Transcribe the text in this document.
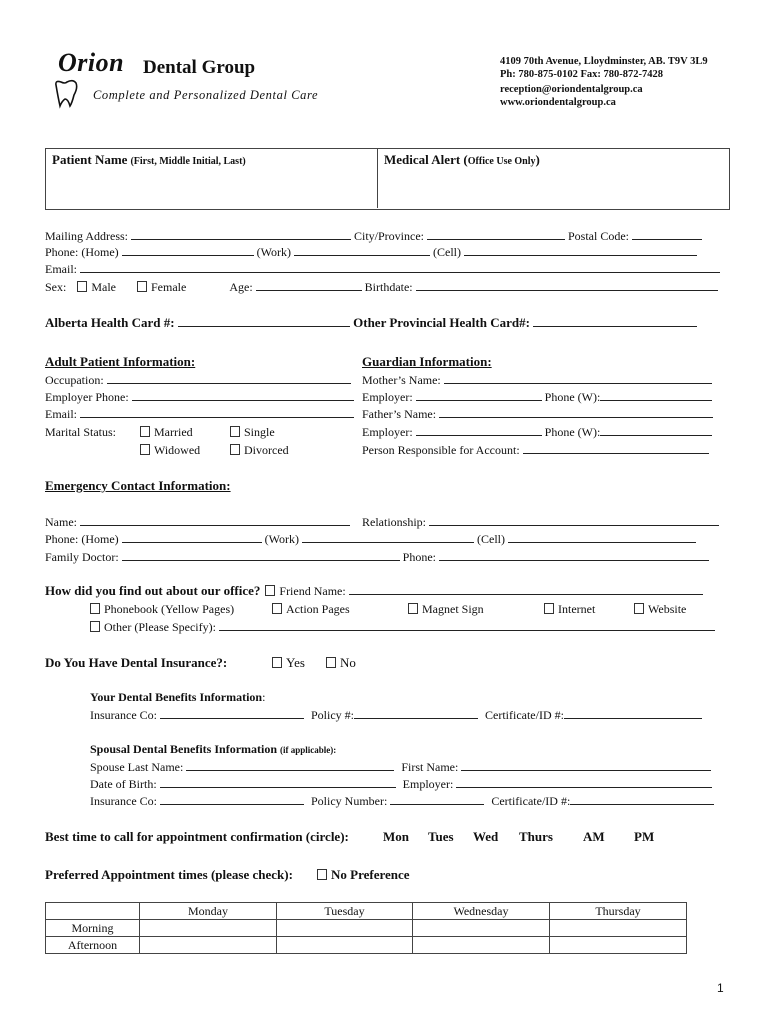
Orion Dental Group
Complete and Personalized Dental Care
4109 70th Avenue, Lloydminster, AB. T9V 3L9
Ph: 780-875-0102 Fax: 780-872-7428
reception@oriondentalgroup.ca
www.oriondentalgroup.ca
Patient Name (First, Middle Initial, Last)	Medical Alert (Office Use Only)
Mailing Address:	City/Province:	Postal Code:
Phone: (Home)	(Work)	(Cell)
Email:
Sex: Male	Female	Age:	Birthdate:
Alberta Health Card #:	Other Provincial Health Card#:
Adult Patient Information:
Occupation:
Employer Phone:
Email:
Marital Status:	Married	Single
Widowed	Divorced
Guardian Information:
Mother’s Name:
Employer:	Phone (W):
Father’s Name:
Employer:	Phone (W):
Person Responsible for Account:
Emergency Contact Information:
Name:	Relationship:
Phone: (Home)	(Work)	(Cell)
Family Doctor:	Phone:
How did you find out about our office? Friend Name:
Phonebook (Yellow Pages)	Action Pages	Magnet Sign	Internet	Website
Other (Please Specify):
Do You Have Dental Insurance?:	Yes	No
Your Dental Benefits Information:
Insurance Co:	Policy #:	Certificate/ID #:
Spousal Dental Benefits Information (if applicable):
Spouse Last Name:	First Name:
Date of Birth:	Employer:
Insurance Co:	Policy Number:	Certificate/ID #:
Best time to call for appointment confirmation (circle):	Mon Tues Wed Thurs AM PM
Preferred Appointment times (please check):	No Preference
	Monday	Tuesday	Wednesday	Thursday
Morning				
Afternoon				
1
